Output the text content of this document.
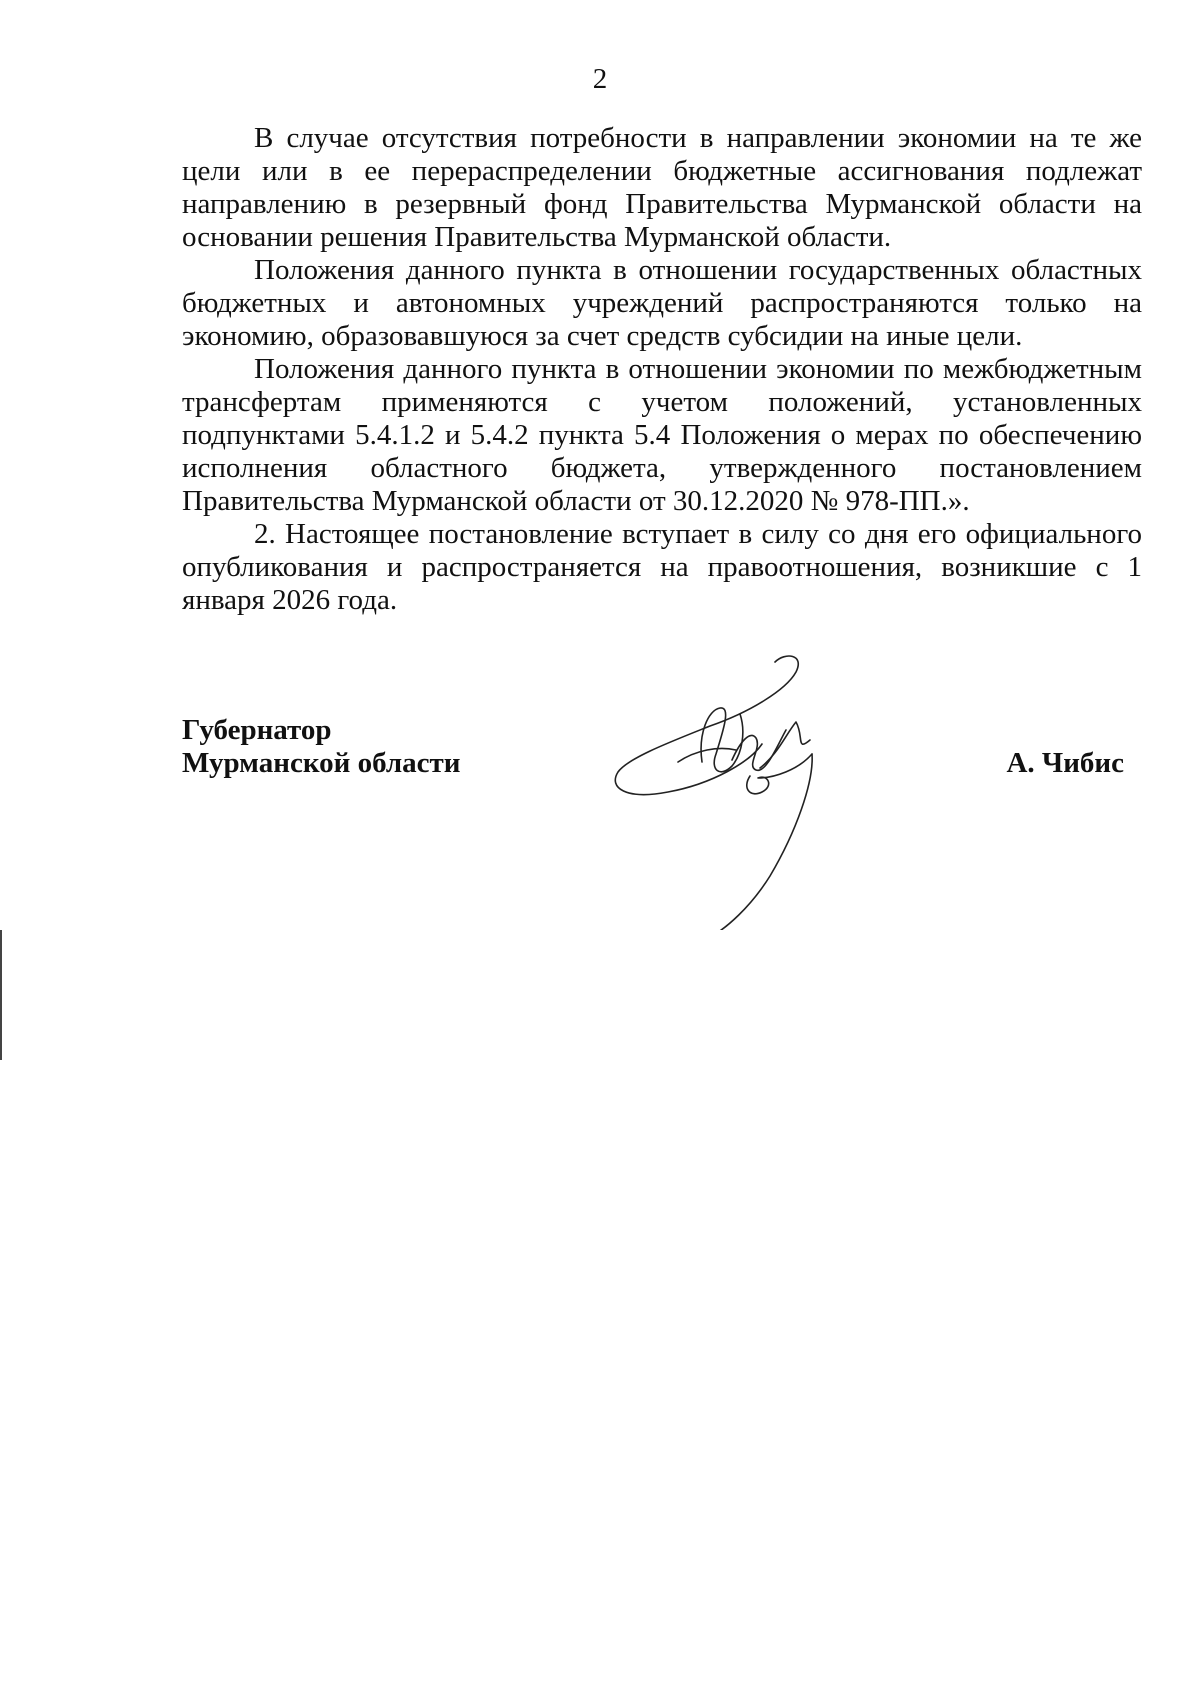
2

В случае отсутствия потребности в направлении экономии на те же цели или в ее перераспределении бюджетные ассигнования подлежат направлению в резервный фонд Правительства Мурманской области на основании решения Правительства Мурманской области.

Положения данного пункта в отношении государственных областных бюджетных и автономных учреждений распространяются только на экономию, образовавшуюся за счет средств субсидии на иные цели.

Положения данного пункта в отношении экономии по межбюджетным трансфертам применяются с учетом положений, установленных подпунктами 5.4.1.2 и 5.4.2 пункта 5.4 Положения о мерах по обеспечению исполнения областного бюджета, утвержденного постановлением Правительства Мурманской области от 30.12.2020 № 978-ПП.».

2. Настоящее постановление вступает в силу со дня его официального опубликования и распространяется на правоотношения, возникшие с 1 января 2026 года.

Губернатор
Мурманской области	А. Чибис
